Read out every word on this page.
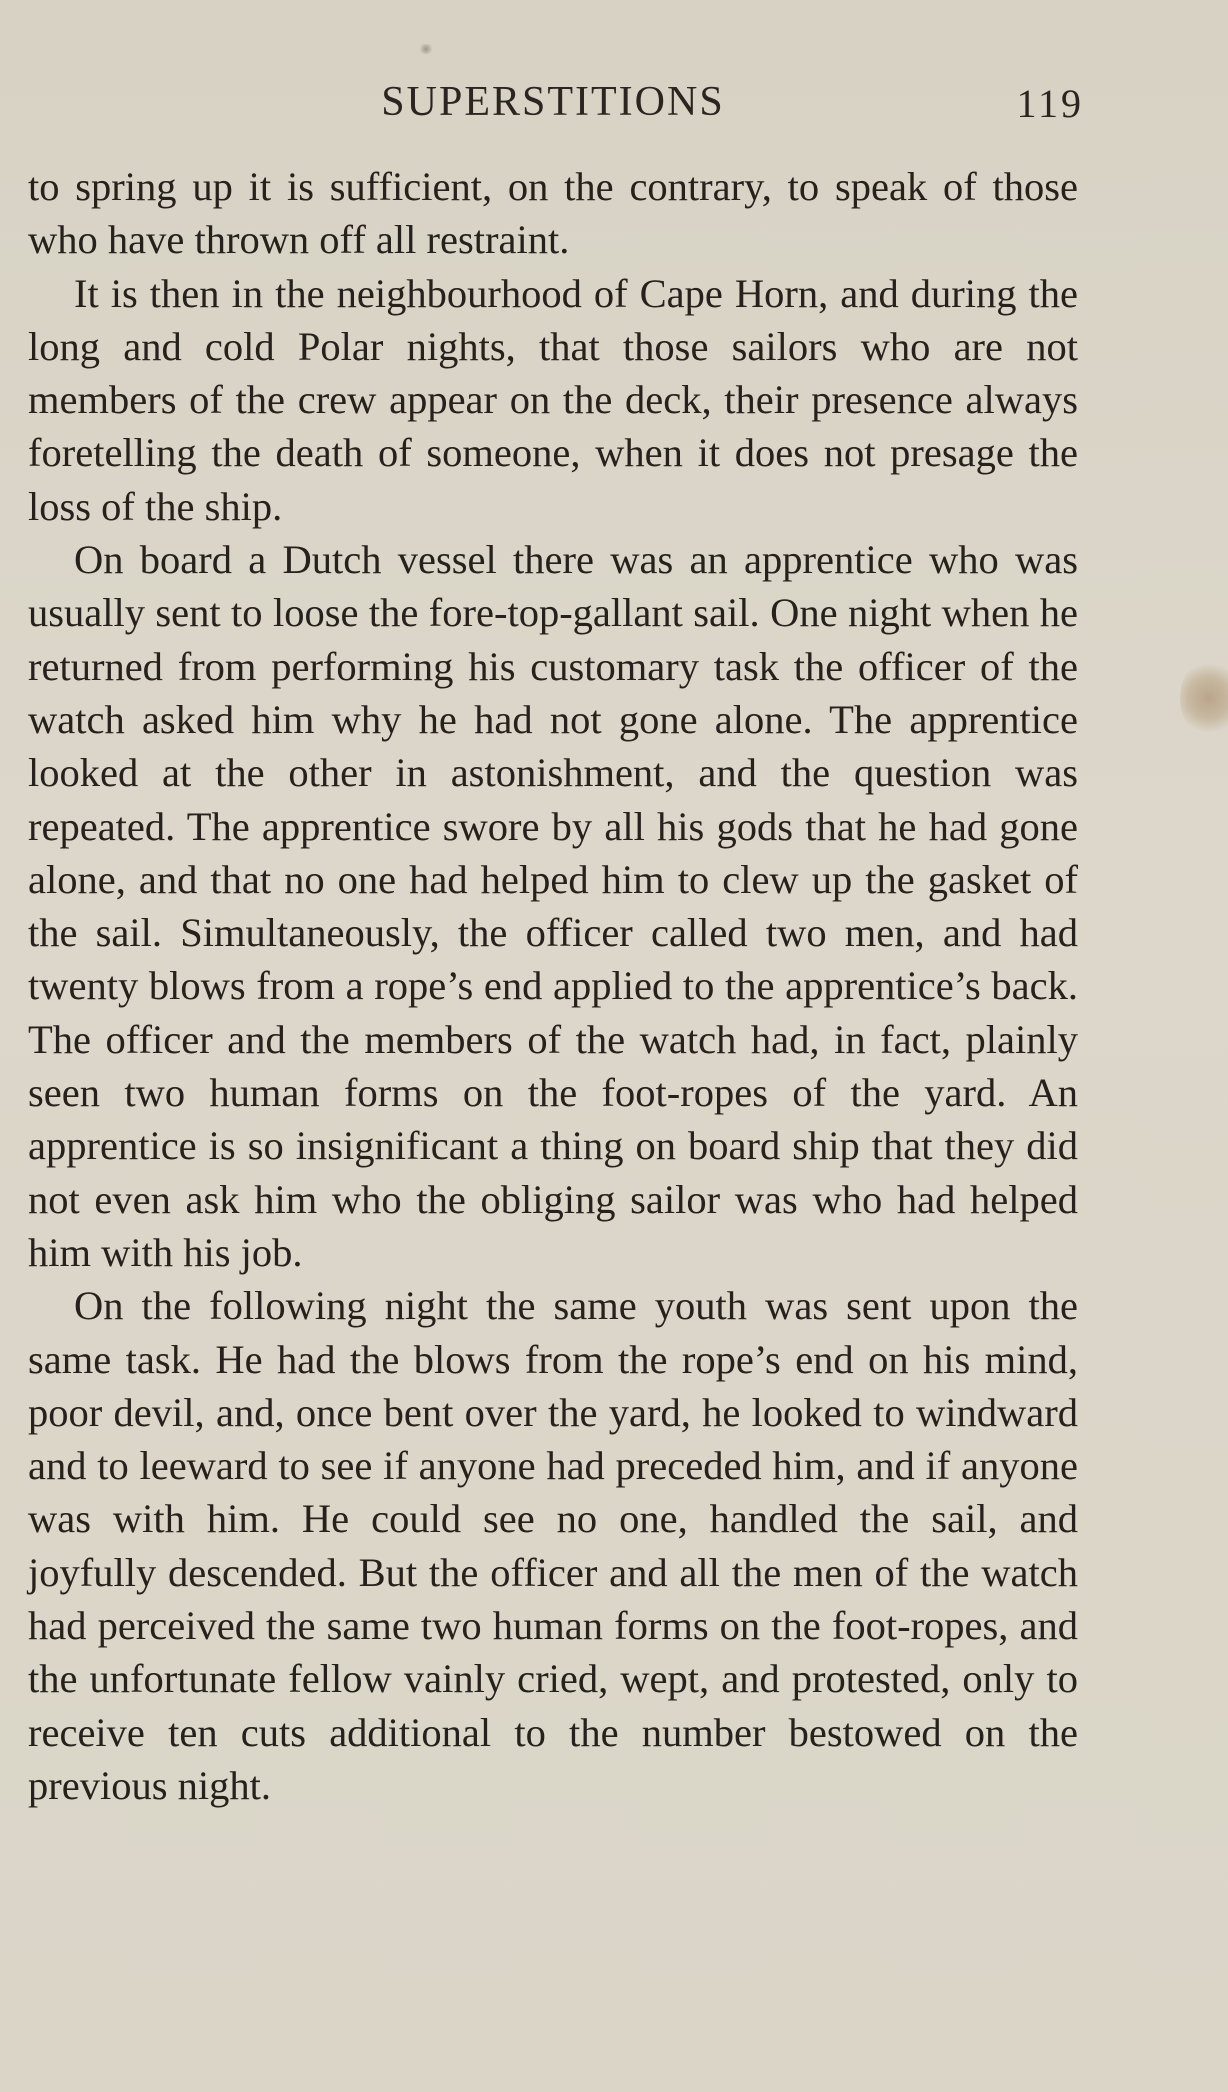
SUPERSTITIONS	119

to spring up it is sufficient, on the contrary, to speak of those who have thrown off all restraint.

It is then in the neighbourhood of Cape Horn, and during the long and cold Polar nights, that those sailors who are not members of the crew appear on the deck, their presence always foretelling the death of someone, when it does not presage the loss of the ship.

On board a Dutch vessel there was an apprentice who was usually sent to loose the fore-top-gallant sail. One night when he returned from performing his customary task the officer of the watch asked him why he had not gone alone. The apprentice looked at the other in astonishment, and the question was repeated. The apprentice swore by all his gods that he had gone alone, and that no one had helped him to clew up the gasket of the sail. Simultaneously, the officer called two men, and had twenty blows from a rope’s end applied to the apprentice’s back. The officer and the members of the watch had, in fact, plainly seen two human forms on the foot-ropes of the yard. An apprentice is so insignificant a thing on board ship that they did not even ask him who the obliging sailor was who had helped him with his job.

On the following night the same youth was sent upon the same task. He had the blows from the rope’s end on his mind, poor devil, and, once bent over the yard, he looked to windward and to leeward to see if anyone had preceded him, and if anyone was with him. He could see no one, handled the sail, and joyfully descended. But the officer and all the men of the watch had perceived the same two human forms on the foot-ropes, and the unfortunate fellow vainly cried, wept, and protested, only to receive ten cuts additional to the number bestowed on the previous night.
